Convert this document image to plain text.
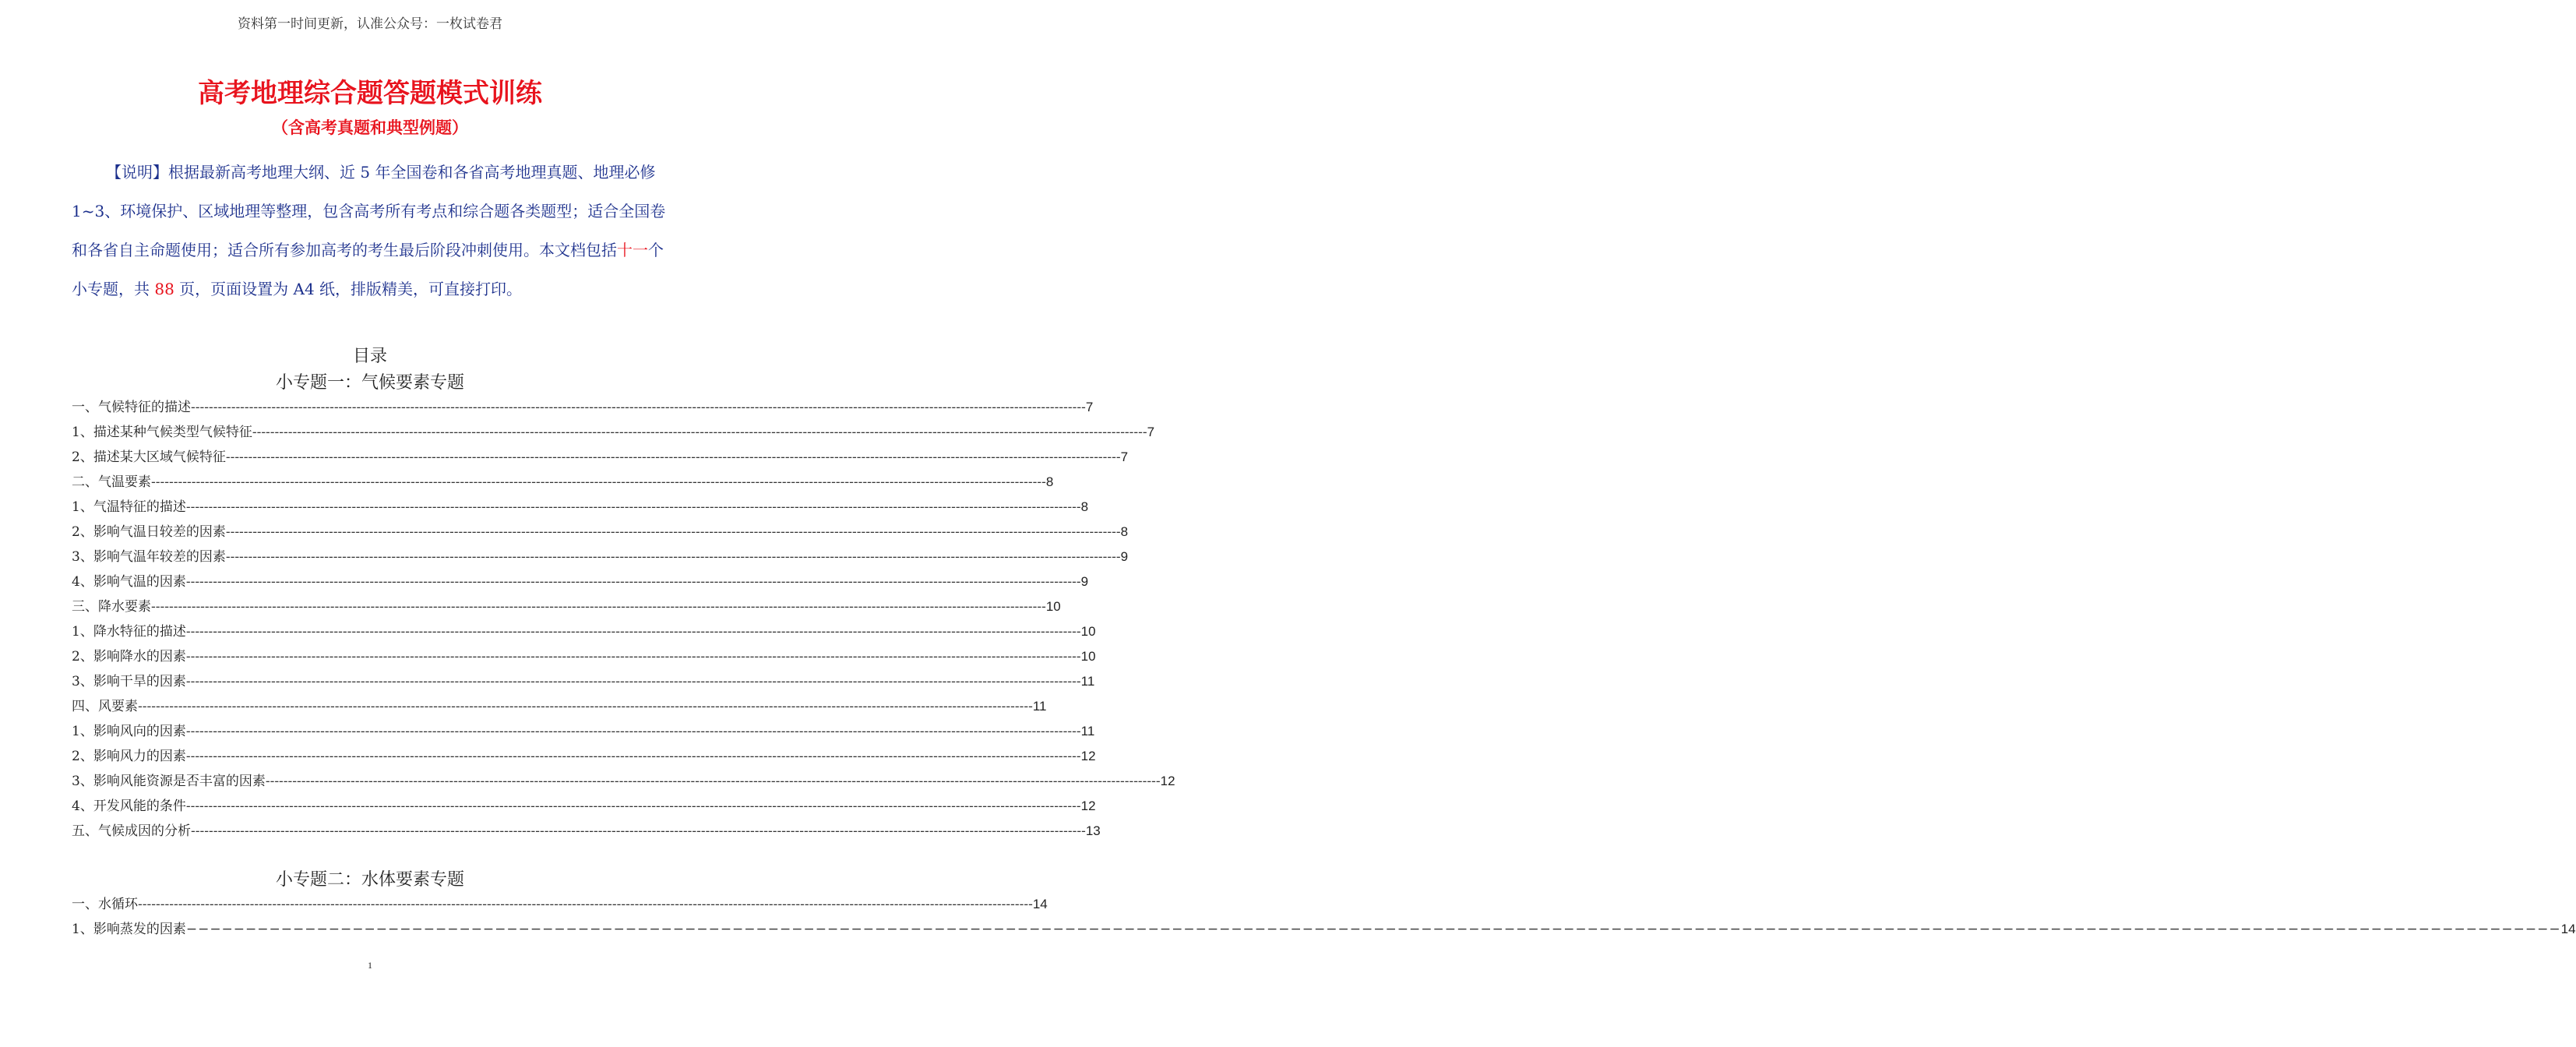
资料第一时间更新，认准公众号：一枚试卷君
高考地理综合题答题模式训练
（含高考真题和典型例题）
【说明】根据最新高考地理大纲、近 5 年全国卷和各省高考地理真题、地理必修 1~3、环境保护、区域地理等整理，包含高考所有考点和综合题各类题型；适合全国卷和各省自主命题使用；适合所有参加高考的考生最后阶段冲刺使用。本文档包括十一个小专题，共 88 页，页面设置为 A4 纸，排版精美，可直接打印。
目录
小专题一：气候要素专题
一、气候特征的描述 -------------------------------------------------------------------------------------------------------------------------------------------------------------------------------------------------------- 7
1、描述某种气候类型气候特征 -------------------------------------------------------------------------------------------------------------------------------------------------------------------------------------------------------- 7
2、描述某大区域气候特征 -------------------------------------------------------------------------------------------------------------------------------------------------------------------------------------------------------- 7
二、气温要素 -------------------------------------------------------------------------------------------------------------------------------------------------------------------------------------------------------- 8
1、气温特征的描述 -------------------------------------------------------------------------------------------------------------------------------------------------------------------------------------------------------- 8
2、影响气温日较差的因素 -------------------------------------------------------------------------------------------------------------------------------------------------------------------------------------------------------- 8
3、影响气温年较差的因素 -------------------------------------------------------------------------------------------------------------------------------------------------------------------------------------------------------- 9
4、影响气温的因素 -------------------------------------------------------------------------------------------------------------------------------------------------------------------------------------------------------- 9
三、降水要素 -------------------------------------------------------------------------------------------------------------------------------------------------------------------------------------------------------- 10
1、降水特征的描述 -------------------------------------------------------------------------------------------------------------------------------------------------------------------------------------------------------- 10
2、影响降水的因素 -------------------------------------------------------------------------------------------------------------------------------------------------------------------------------------------------------- 10
3、影响干旱的因素 -------------------------------------------------------------------------------------------------------------------------------------------------------------------------------------------------------- 11
四、风要素 -------------------------------------------------------------------------------------------------------------------------------------------------------------------------------------------------------- 11
1、影响风向的因素 -------------------------------------------------------------------------------------------------------------------------------------------------------------------------------------------------------- 11
2、影响风力的因素 -------------------------------------------------------------------------------------------------------------------------------------------------------------------------------------------------------- 12
3、影响风能资源是否丰富的因素 -------------------------------------------------------------------------------------------------------------------------------------------------------------------------------------------------------- 12
4、开发风能的条件 -------------------------------------------------------------------------------------------------------------------------------------------------------------------------------------------------------- 12
五、气候成因的分析 -------------------------------------------------------------------------------------------------------------------------------------------------------------------------------------------------------- 13
小专题二：水体要素专题
一、水循环 -------------------------------------------------------------------------------------------------------------------------------------------------------------------------------------------------------- 14
1、影响蒸发的因素 −−−−−−−−−−−−−−−−−−−−−−−−−−−−−−−−−−−−−−−−−−−−−−−−−−−−−−−−−−−−−−−−−−−−−−−−−−−−−−−−−−−−−−−−−−−−−−−−−−−−−−−−−−−−−−−−−−−−−−−−−−−−−−−−−−−−−−−−−−−−−−−−−−−−−−−−−−−−−−−−−−−−−−−−−−−−−−−−−−−−−−−−−−−−−−−−−−−−−−−− 14
1
